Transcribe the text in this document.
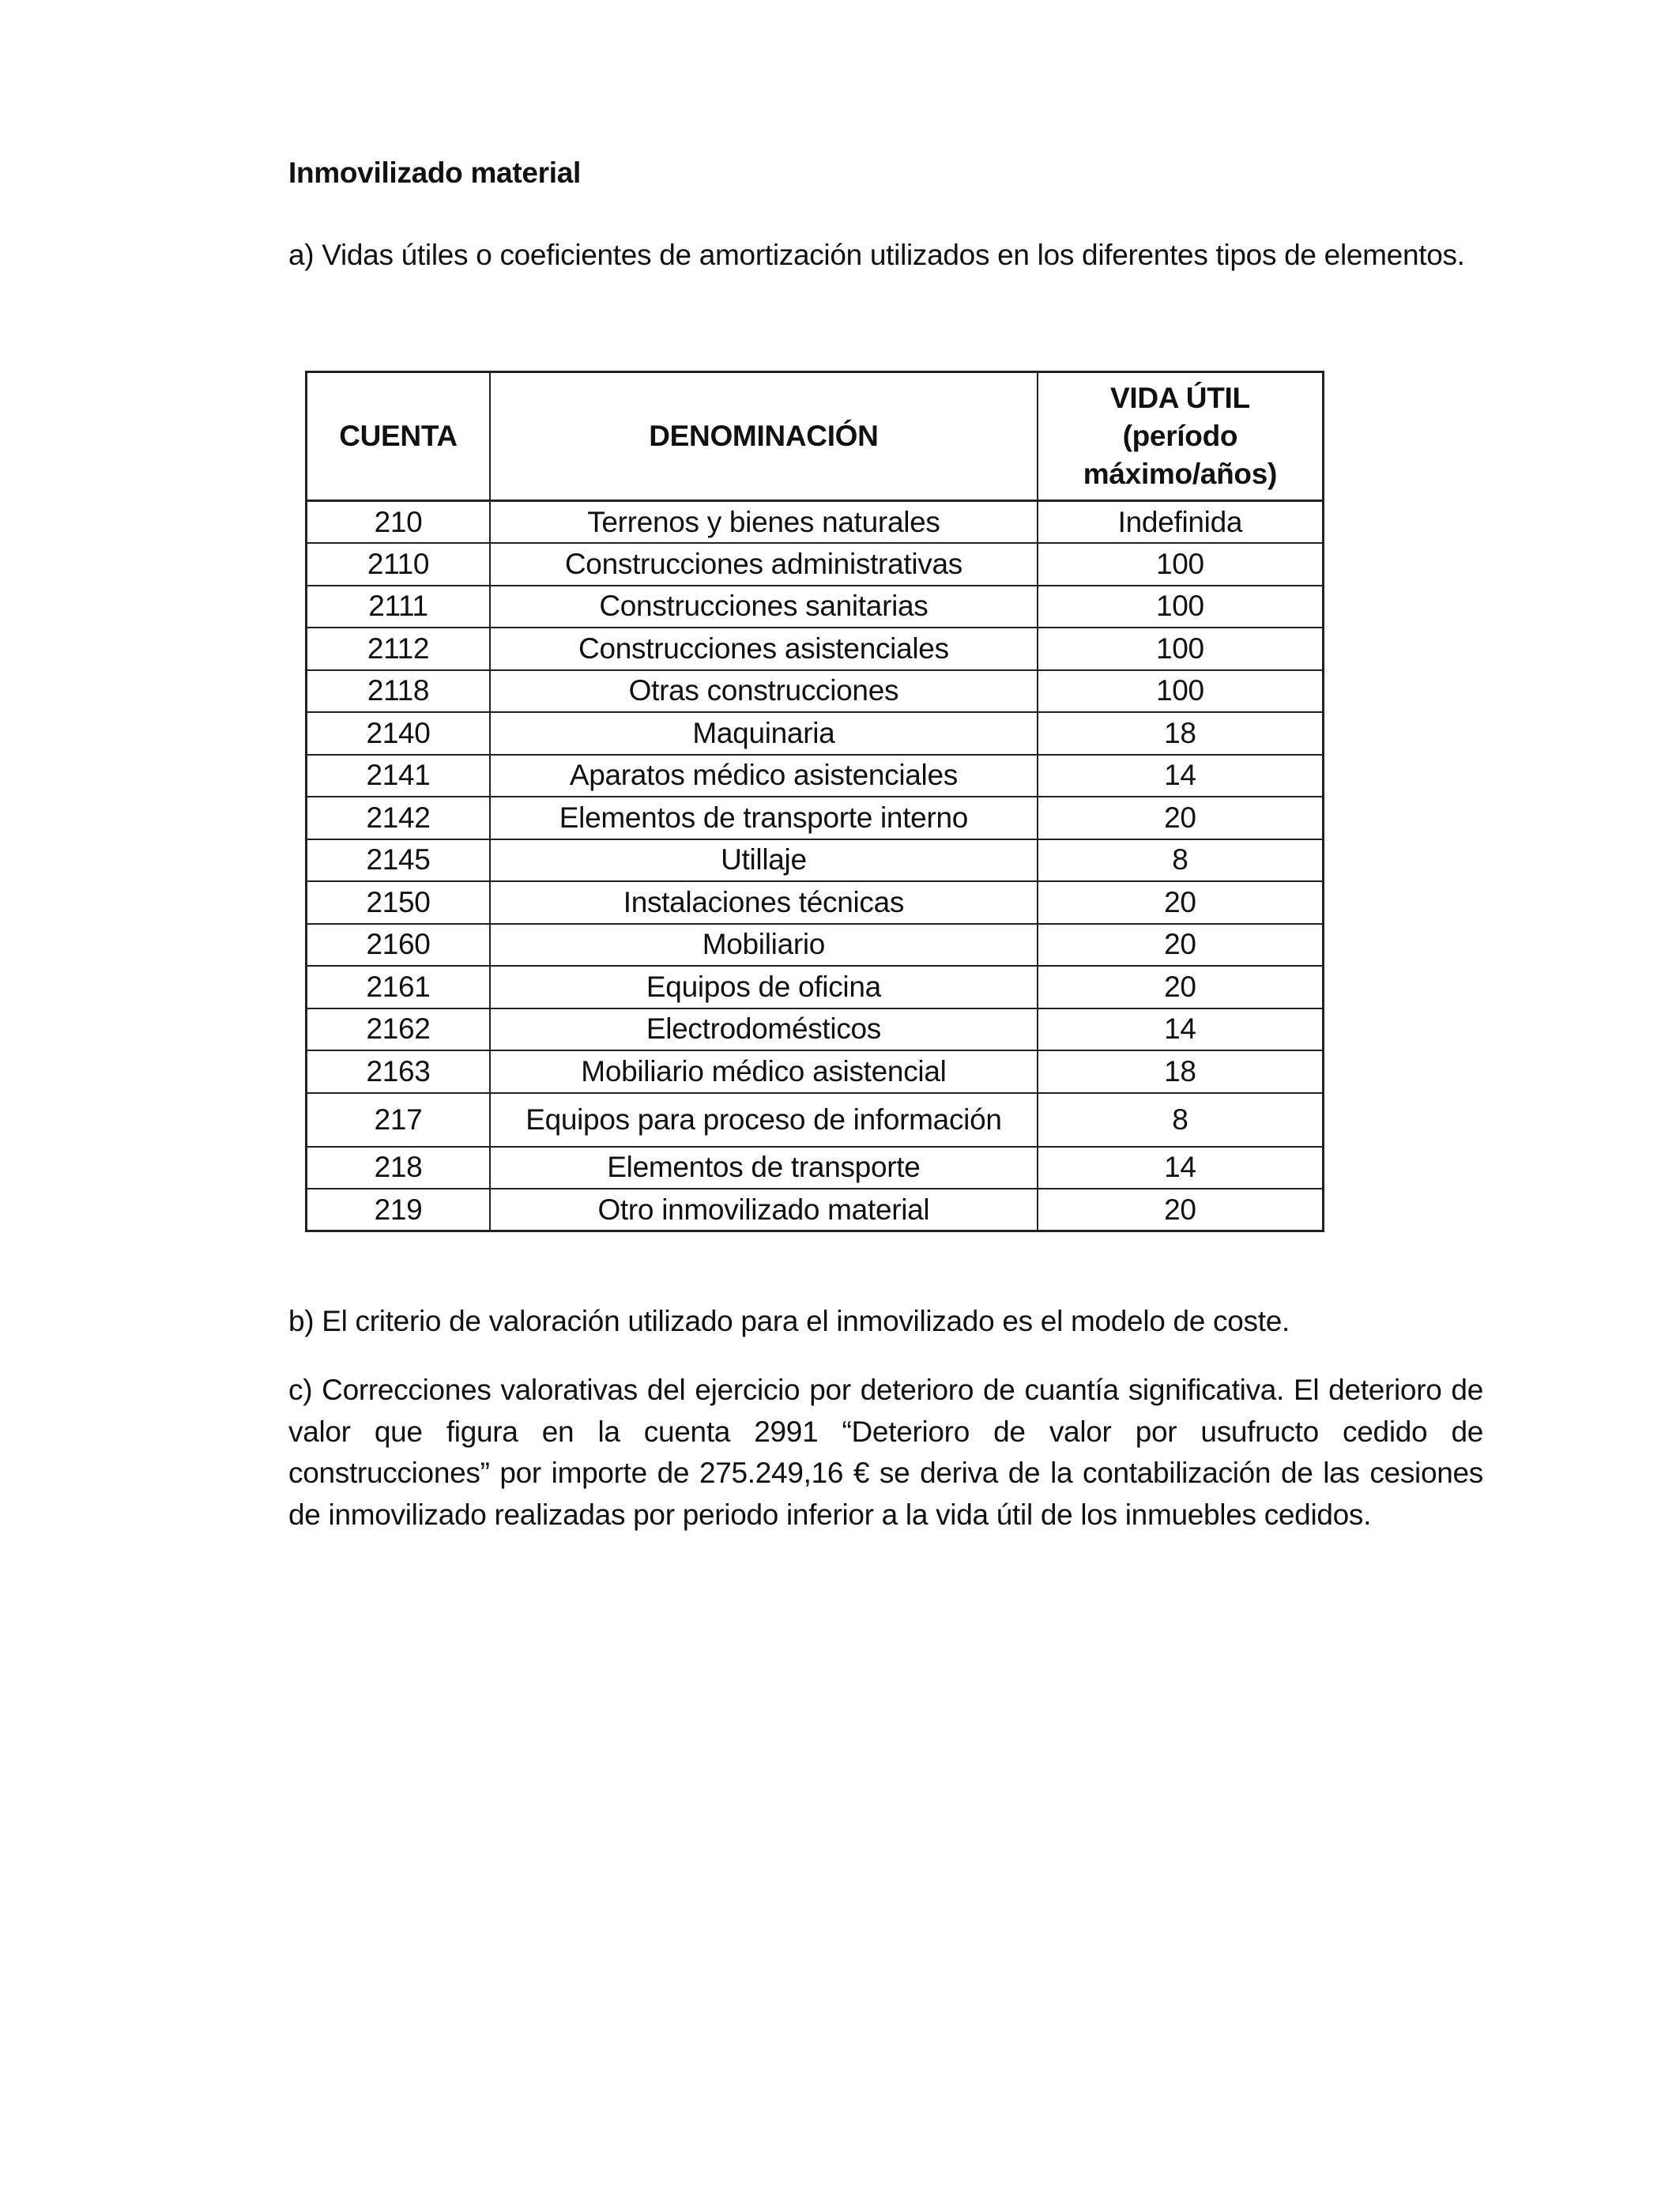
Inmovilizado material
a) Vidas útiles o coeficientes de amortización utilizados en los diferentes tipos de elementos.
CUENTA	DENOMINACIÓN	VIDA ÚTIL (período máximo/años)
210	Terrenos y bienes naturales	Indefinida
2110	Construcciones administrativas	100
2111	Construcciones sanitarias	100
2112	Construcciones asistenciales	100
2118	Otras construcciones	100
2140	Maquinaria	18
2141	Aparatos médico asistenciales	14
2142	Elementos de transporte interno	20
2145	Utillaje	8
2150	Instalaciones técnicas	20
2160	Mobiliario	20
2161	Equipos de oficina	20
2162	Electrodomésticos	14
2163	Mobiliario médico asistencial	18
217	Equipos para proceso de información	8
218	Elementos de transporte	14
219	Otro inmovilizado material	20
b) El criterio de valoración utilizado para el inmovilizado es el modelo de coste.
c) Correcciones valorativas del ejercicio por deterioro de cuantía significativa. El deterioro de valor que figura en la cuenta 2991 “Deterioro de valor por usufructo cedido de construcciones” por importe de 275.249,16 € se deriva de la contabilización de las cesiones de inmovilizado realizadas por periodo inferior a la vida útil de los inmuebles cedidos.
